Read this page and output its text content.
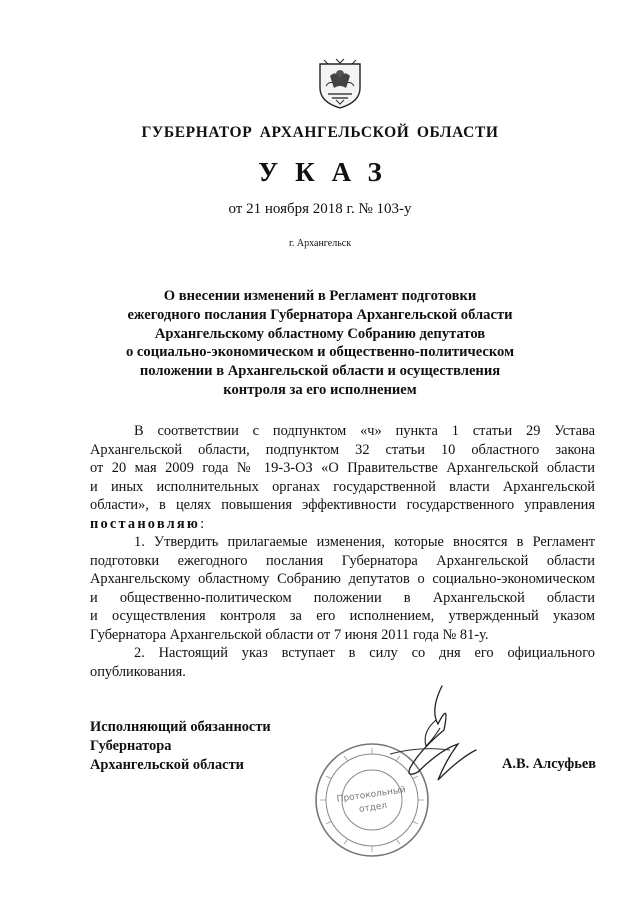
ГУБЕРНАТОР АРХАНГЕЛЬСКОЙ ОБЛАСТИ
УКАЗ
от 21 ноября 2018 г. № 103-у
г. Архангельск
О внесении изменений в Регламент подготовки
ежегодного послания Губернатора Архангельской области
Архангельскому областному Собранию депутатов
о социально-экономическом и общественно-политическом
положении в Архангельской области и осуществления
контроля за его исполнением
В соответствии с подпунктом «ч» пункта 1 статьи 29 Устава
Архангельской области, подпунктом 32 статьи 10 областного закона
от 20 мая 2009 года № 19-3-ОЗ «О Правительстве Архангельской области
и иных исполнительных органах государственной власти Архангельской
области», в целях повышения эффективности государственного управления
постановляю:
1. Утвердить прилагаемые изменения, которые вносятся в Регламент
подготовки ежегодного послания Губернатора Архангельской области
Архангельскому областному Собранию депутатов о социально-экономическом
и общественно-политическом положении в Архангельской области
и осуществления контроля за его исполнением, утвержденный указом
Губернатора Архангельской области от 7 июня 2011 года № 81-у.
2. Настоящий указ вступает в силу со дня его официального
опубликования.
Протокольный
отдел
Исполняющий обязанности
Губернатора
Архангельской области	А.В. Алсуфьев
